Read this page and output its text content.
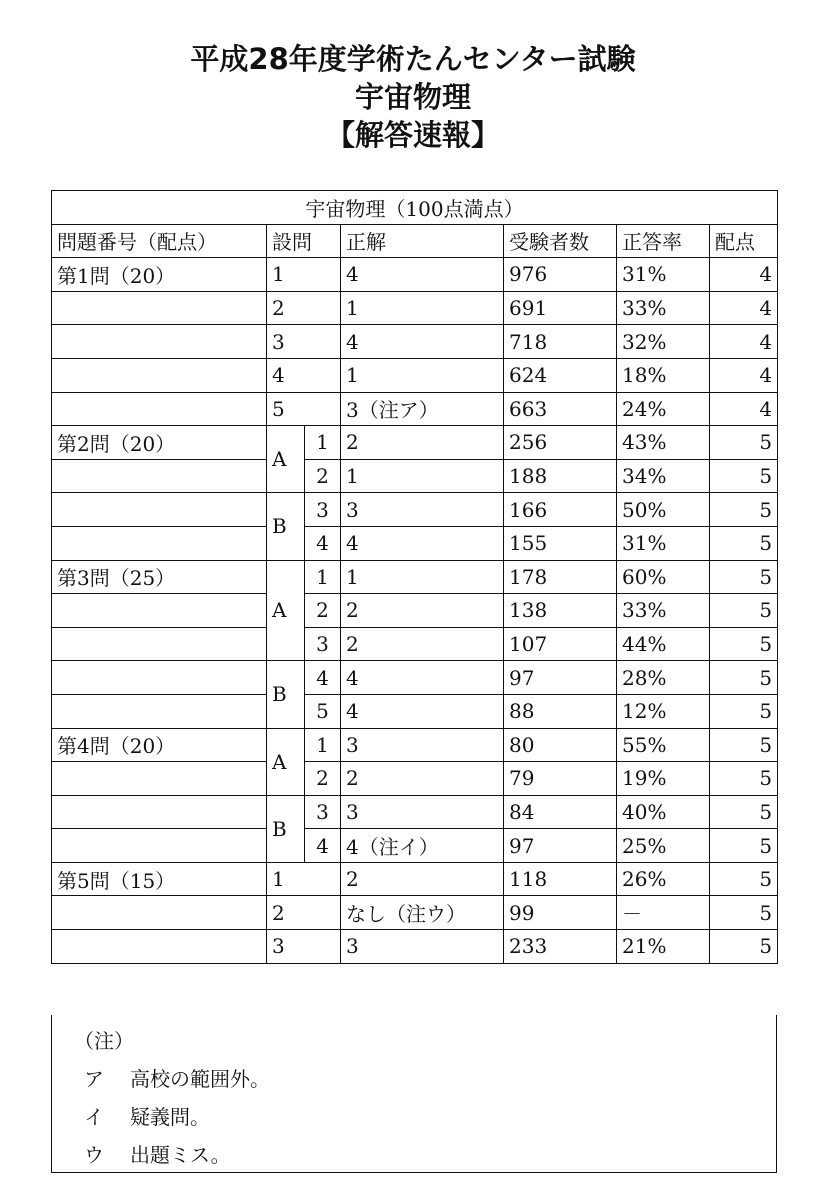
平成28年度学術たんセンター試験
宇宙物理
【解答速報】
宇宙物理（100点満点）						
問題番号（配点）	設問		正解	受験者数	正答率	配点
第1問（20）	1		4	976	31%	4
	2		1	691	33%	4
	3		4	718	32%	4
	4		1	624	18%	4
	5		3（注ア）	663	24%	4
第2問（20）	A	1	2	256	43%	5
		2	1	188	34%	5
	B	3	3	166	50%	5
		4	4	155	31%	5
第3問（25）	A	1	1	178	60%	5
		2	2	138	33%	5
		3	2	107	44%	5
	B	4	4	97	28%	5
		5	4	88	12%	5
第4問（20）	A	1	3	80	55%	5
		2	2	79	19%	5
	B	3	3	84	40%	5
		4	4（注イ）	97	25%	5
第5問（15）	1		2	118	26%	5
	2		なし（注ウ）	99	－	5
	3		3	233	21%	5
（注）
ア 高校の範囲外。
イ 疑義問。
ウ 出題ミス。
